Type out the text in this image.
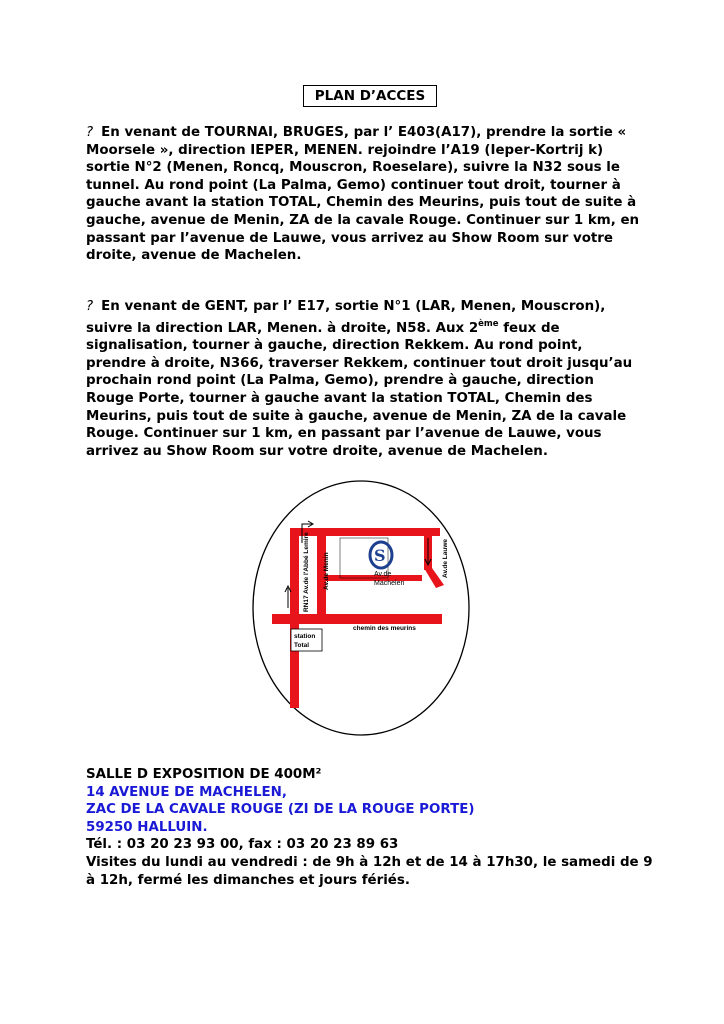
PLAN D’ACCES
? En venant de TOURNAI, BRUGES, par l’ E403(A17), prendre la sortie « Moorsele », direction IEPER, MENEN. rejoindre l’A19 (Ieper-Kortrij k) sortie N°2 (Menen, Roncq, Mouscron, Roeselare), suivre la N32 sous le tunnel. Au rond point (La Palma, Gemo) continuer tout droit, tourner à gauche avant la station TOTAL, Chemin des Meurins, puis tout de suite à gauche, avenue de Menin, ZA de la cavale Rouge. Continuer sur 1 km, en passant par l’avenue de Lauwe, vous arrivez au Show Room sur votre droite, avenue de Machelen.
? En venant de GENT, par l’ E17, sortie N°1 (LAR, Menen, Mouscron), suivre la direction LAR, Menen. à droite, N58. Aux 2ème feux de signalisation, tourner à gauche, direction Rekkem. Au rond point, prendre à droite, N366, traverser Rekkem, continuer tout droit jusqu’au prochain rond point (La Palma, Gemo), prendre à gauche, direction Rouge Porte, tourner à gauche avant la station TOTAL, Chemin des Meurins, puis tout de suite à gauche, avenue de Menin, ZA de la cavale Rouge. Continuer sur 1 km, en passant par l’avenue de Lauwe, vous arrivez au Show Room sur votre droite, avenue de Machelen.
S
Av.de
Machelen
chemin des meurins
station
Total
RN17 Av.de l'Abbé Lemire Av.de Menin	Av.de Lauwe
SALLE D EXPOSITION DE 400M²
14 AVENUE DE MACHELEN,
ZAC DE LA CAVALE ROUGE (ZI DE LA ROUGE PORTE)
59250 HALLUIN.
Tél. : 03 20 23 93 00, fax : 03 20 23 89 63
Visites du lundi au vendredi : de 9h à 12h et de 14 à 17h30, le samedi de 9 à 12h, fermé les dimanches et jours fériés.
